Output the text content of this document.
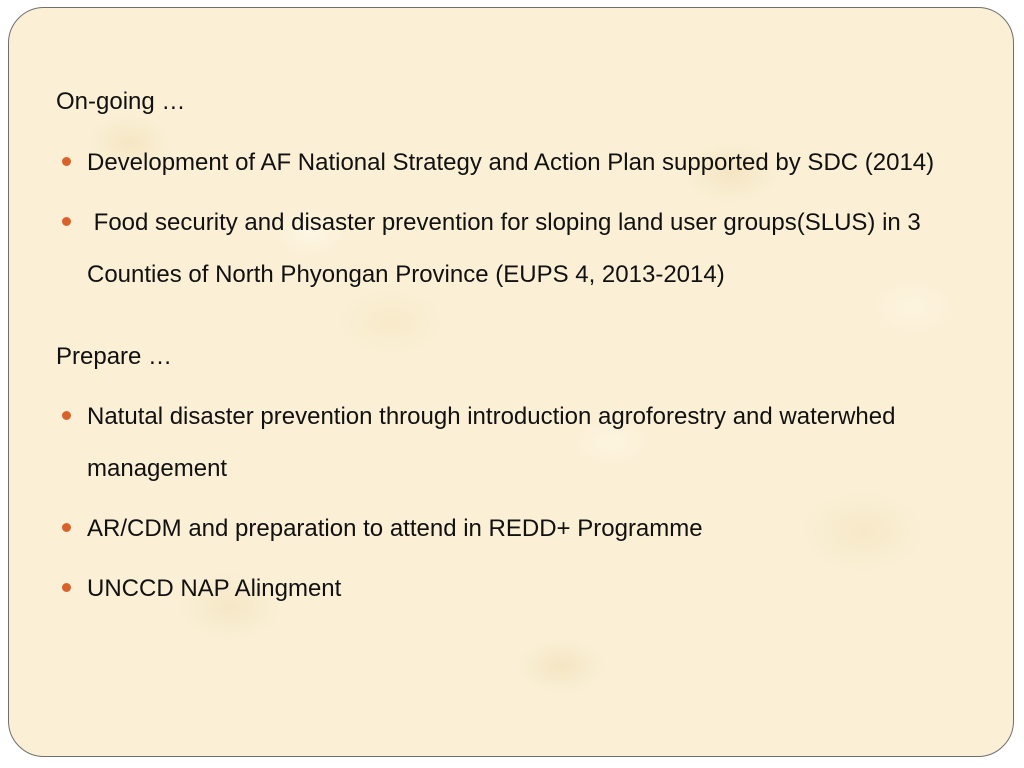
On-going …

Development of AF National Strategy and Action Plan supported by SDC (2014)
Food security and disaster prevention for sloping land user groups(SLUS) in 3 Counties of North Phyongan Province (EUPS 4, 2013-2014)

Prepare …

Natutal disaster prevention through introduction agroforestry and waterwhed management
AR/CDM and preparation to attend in REDD+ Programme
UNCCD NAP Alingment
